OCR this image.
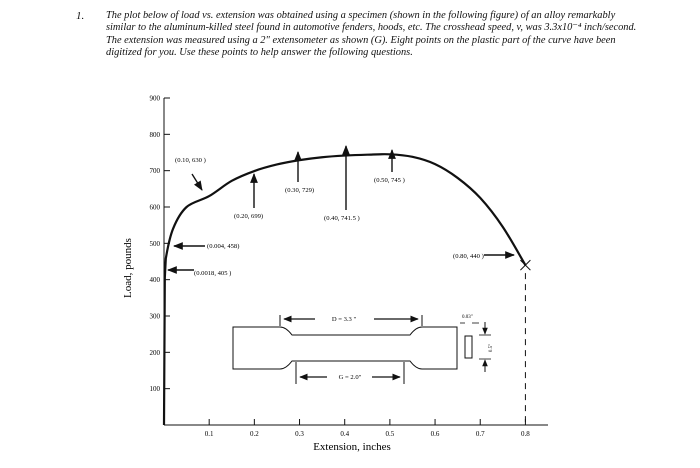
1. The plot below of load vs. extension was obtained using a specimen (shown in the following figure) of an alloy remarkably similar to the aluminum-killed steel found in automotive fenders, hoods, etc. The crosshead speed, v, was 3.3x10⁻⁴ inch/second. The extension was measured using a 2" extensometer as shown (G). Eight points on the plastic part of the curve have been digitized for you. Use these points to help answer the following questions.

0.1	0.2	0.3	0.4	0.5	0.6	0.7	0.8
100
200
300
400
500
600
700
800
900
(0.0018, 405 )
(0.004, 458)
(0.10, 630 )
(0.20, 699)
(0.30, 729)
(0.40, 741.5 )
(0.50, 745 )
(0.80, 440 )
D = 3.3 "
G = 2.0"
0.03"
0.5"
Extension, inches
Load, pounds
